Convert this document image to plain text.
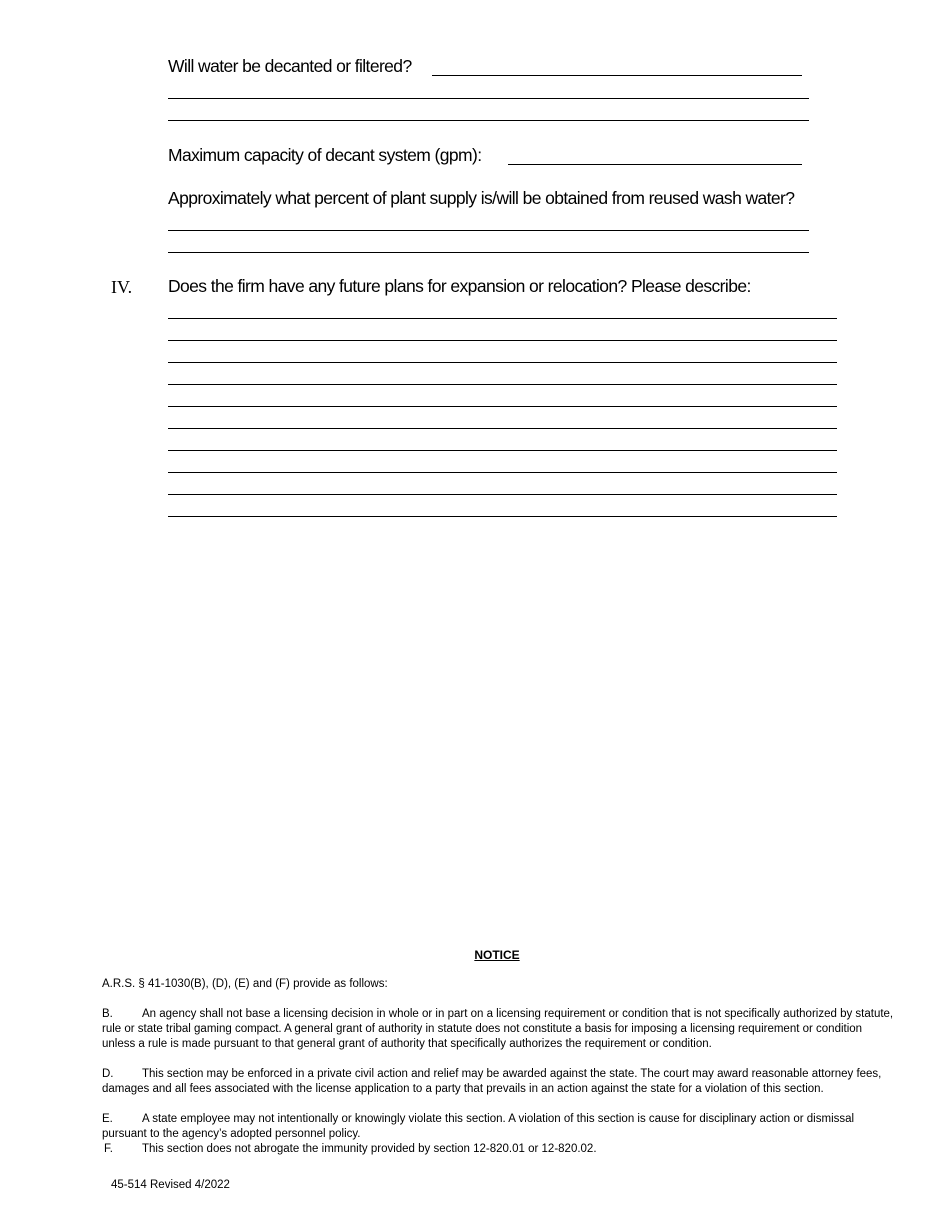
Will water be decanted or filtered?
Maximum capacity of decant system (gpm):
Approximately what percent of plant supply is/will be obtained from reused wash water?
IV. Does the firm have any future plans for expansion or relocation? Please describe:
NOTICE
A.R.S. § 41-1030(B), (D), (E) and (F) provide as follows:
B.	An agency shall not base a licensing decision in whole or in part on a licensing requirement or condition that is not specifically authorized by statute, rule or state tribal gaming compact. A general grant of authority in statute does not constitute a basis for imposing a licensing requirement or condition unless a rule is made pursuant to that general grant of authority that specifically authorizes the requirement or condition.
D. This section may be enforced in a private civil action and relief may be awarded against the state. The court may award reasonable attorney fees, damages and all fees associated with the license application to a party that prevails in an action against the state for a violation of this section.
E.	A state employee may not intentionally or knowingly violate this section. A violation of this section is cause for disciplinary action or dismissal pursuant to the agency’s adopted personnel policy.
F.	This section does not abrogate the immunity provided by section 12-820.01 or 12-820.02.
45-514 Revised 4/2022
